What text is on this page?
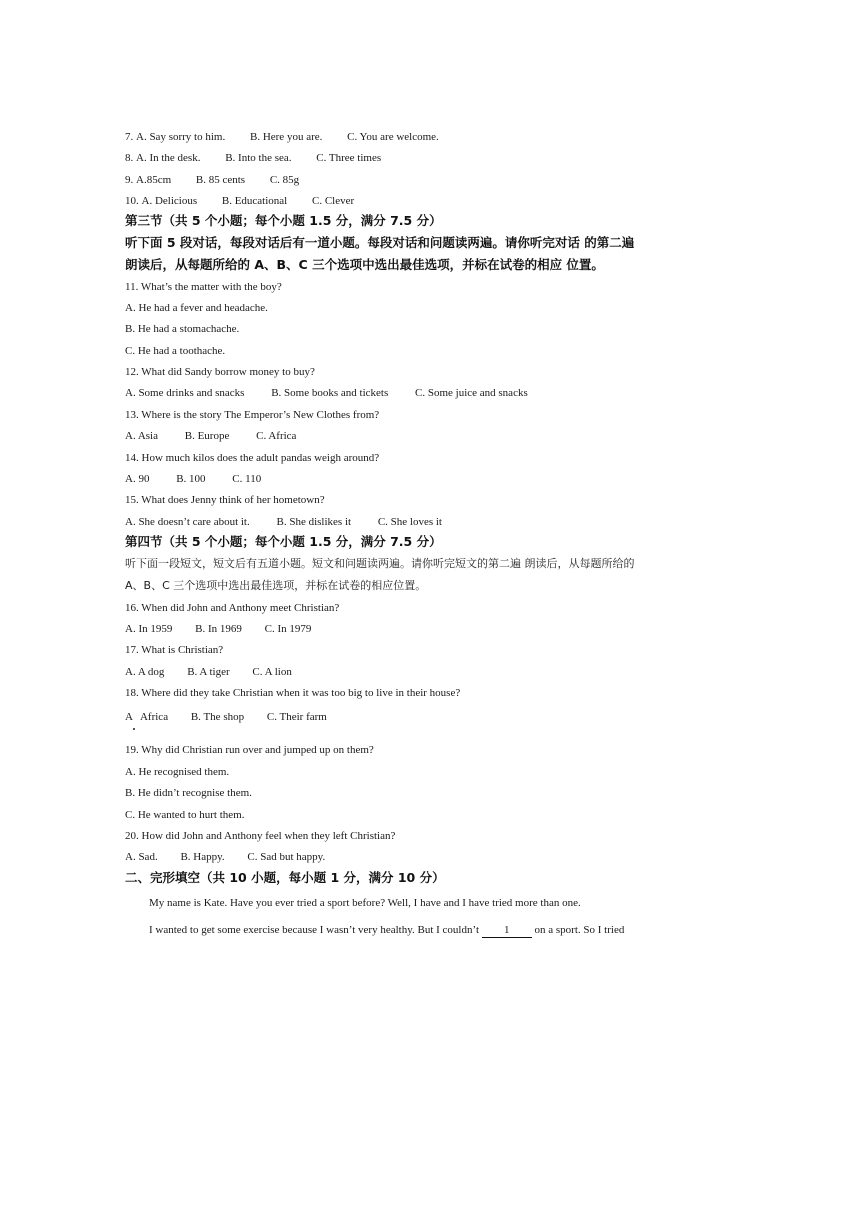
7. A. Say sorry to him. B. Here you are. C. You are welcome.
8. A. In the desk. B. Into the sea. C. Three times
9. A.85cm B. 85 cents C. 85g
10. A. Delicious B. Educational C. Clever
第三节（共 5 个小题；每个小题 1.5 分，满分 7.5 分）
听下面 5 段对话，每段对话后有一道小题。每段对话和问题读两遍。请你听完对话 的第二遍
朗读后，从每题所给的 A、B、C 三个选项中选出最佳选项，并标在试卷的相应 位置。
11. What’s the matter with the boy?
A. He had a fever and headache.
B. He had a stomachache.
C. He had a toothache.
12. What did Sandy borrow money to buy?
A. Some drinks and snacks B. Some books and tickets C. Some juice and snacks
13. Where is the story The Emperor’s New Clothes from?
A. Asia B. Europe C. Africa
14. How much kilos does the adult pandas weigh around?
A. 90 B. 100 C. 110
15. What does Jenny think of her hometown?
A. She doesn’t care about it. B. She dislikes it C. She loves it
第四节（共 5 个小题；每个小题 1.5 分，满分 7.5 分）
听下面一段短文，短文后有五道小题。短文和问题读两遍。请你听完短文的第二遍 朗读后，从每题所给的
A、B、C 三个选项中选出最佳选项，并标在试卷的相应位置。
16. When did John and Anthony meet Christian?
A. In 1959 B. In 1969 C. In 1979
17. What is Christian?
A. A dog B. A tiger C. A lion
18. Where did they take Christian when it was too big to live in their house?
A   Africa B. The shop C. Their farm
19. Why did Christian run over and jumped up on them?
A. He recognised them.
B. He didn’t recognise them.
C. He wanted to hurt them.
20. How did John and Anthony feel when they left Christian?
A. Sad. B. Happy. C. Sad but happy.
二、完形填空（共 10 小题，每小题 1 分，满分 10 分）
My name is Kate. Have you ever tried a sport before? Well, I have and I have tried more than one.
I wanted to get some exercise because I wasn’t very healthy. But I couldn’t 1 on a sport. So I tried
